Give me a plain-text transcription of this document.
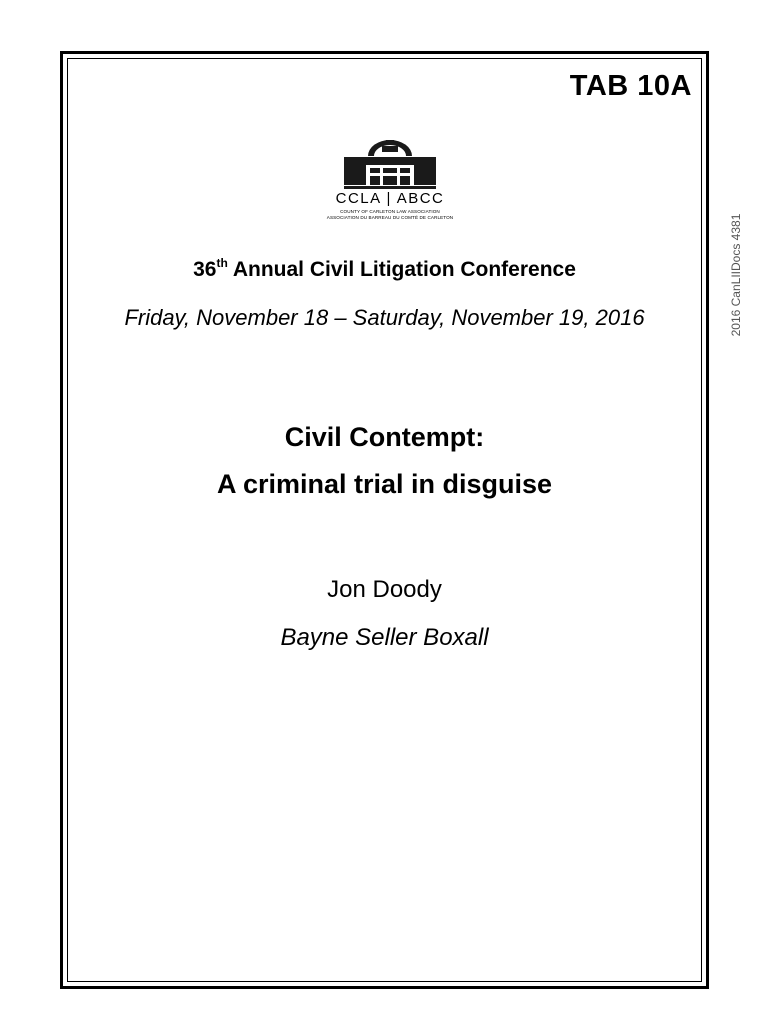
TAB 10A
CCLA | ABCC
COUNTY OF CARLETON LAW ASSOCIATION
ASSOCIATION DU BARREAU DU COMTÉ DE CARLETON
36th Annual Civil Litigation Conference
Friday, November 18 – Saturday, November 19, 2016
Civil Contempt:
A criminal trial in disguise
Jon Doody
Bayne Seller Boxall
2016 CanLIIDocs 4381
